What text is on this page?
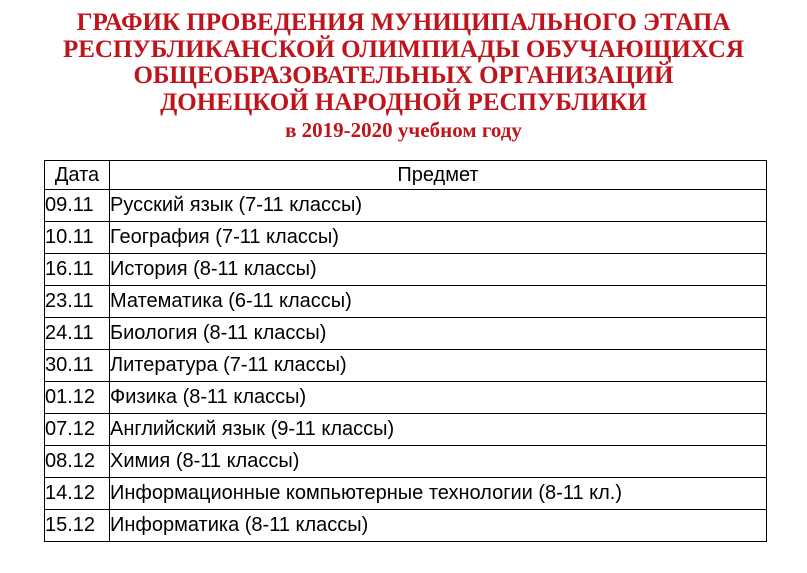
ГРАФИК ПРОВЕДЕНИЯ МУНИЦИПАЛЬНОГО ЭТАПА
РЕСПУБЛИКАНСКОЙ ОЛИМПИАДЫ ОБУЧАЮЩИХСЯ
ОБЩЕОБРАЗОВАТЕЛЬНЫХ ОРГАНИЗАЦИЙ
ДОНЕЦКОЙ НАРОДНОЙ РЕСПУБЛИКИ
в 2019-2020 учебном году
Дата	Предмет
09.11	Русский язык (7-11 классы)
10.11	География (7-11 классы)
16.11	История (8-11 классы)
23.11	Математика (6-11 классы)
24.11	Биология (8-11 классы)
30.11	Литература (7-11 классы)
01.12	Физика (8-11 классы)
07.12	Английский язык (9-11 классы)
08.12	Химия (8-11 классы)
14.12	Информационные компьютерные технологии (8-11 кл.)
15.12	Информатика (8-11 классы)
